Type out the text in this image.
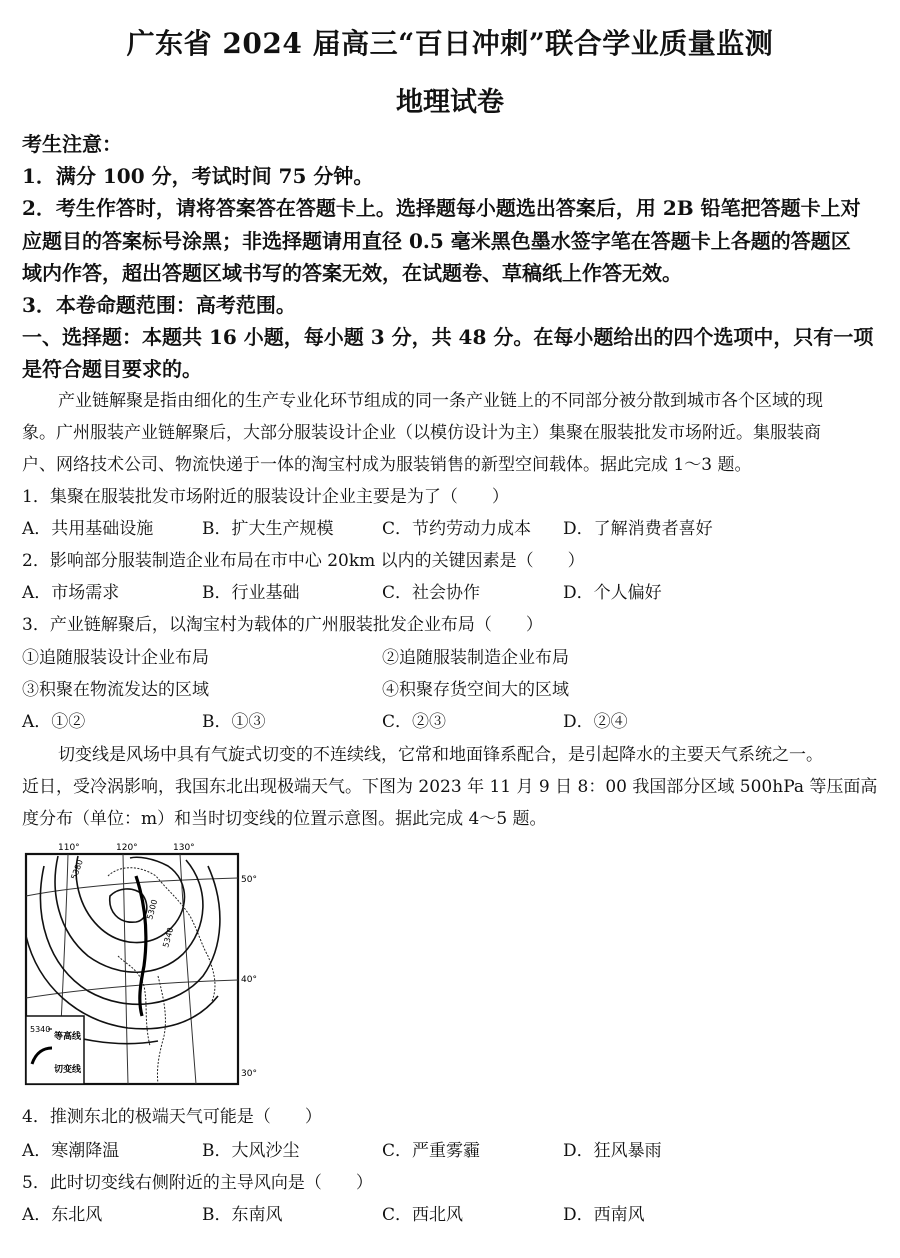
广东省 2024 届高三“百日冲刺”联合学业质量监测
地理试卷
考生注意：
1．满分 100 分，考试时间 75 分钟。
2．考生作答时，请将答案答在答题卡上。选择题每小题选出答案后，用 2B 铅笔把答题卡上对
应题目的答案标号涂黑；非选择题请用直径 0.5 毫米黑色墨水签字笔在答题卡上各题的答题区
域内作答，超出答题区域书写的答案无效，在试题卷、草稿纸上作答无效。
3．本卷命题范围：高考范围。
一、选择题：本题共 16 小题，每小题 3 分，共 48 分。在每小题给出的四个选项中，只有一项
是符合题目要求的。
产业链解聚是指由细化的生产专业化环节组成的同一条产业链上的不同部分被分散到城市各个区域的现
象。广州服装产业链解聚后，大部分服装设计企业（以模仿设计为主）集聚在服装批发市场附近。集服装商
户、网络技术公司、物流快递于一体的淘宝村成为服装销售的新型空间载体。据此完成 1～3 题。
1．集聚在服装批发市场附近的服装设计企业主要是为了（　　）
A．共用基础设施	B．扩大生产规模	C．节约劳动力成本 D．了解消费者喜好
2．影响部分服装制造企业布局在市中心 20km 以内的关键因素是（　　）
A．市场需求	B．行业基础	C．社会协作	D．个人偏好
3．产业链解聚后，以淘宝村为载体的广州服装批发企业布局（　　）
①追随服装设计企业布局	②追随服装制造企业布局
③积聚在物流发达的区域	④积聚存货空间大的区域
A．①②	B．①③	C．②③	D．②④
切变线是风场中具有气旋式切变的不连续线，它常和地面锋系配合，是引起降水的主要天气系统之一。
近日，受冷涡影响，我国东北出现极端天气。下图为 2023 年 11 月 9 日 8：00 我国部分区域 500hPa 等压面高
度分布（单位：m）和当时切变线的位置示意图。据此完成 4～5 题。
110°	120°	130°
50°
40°
30°
5380
5300
5340
5340
等高线
切变线
4．推测东北的极端天气可能是（　　）
A．寒潮降温	B．大风沙尘	C．严重雾霾	D．狂风暴雨
5．此时切变线右侧附近的主导风向是（　　）
A．东北风	B．东南风	C．西北风	D．西南风
